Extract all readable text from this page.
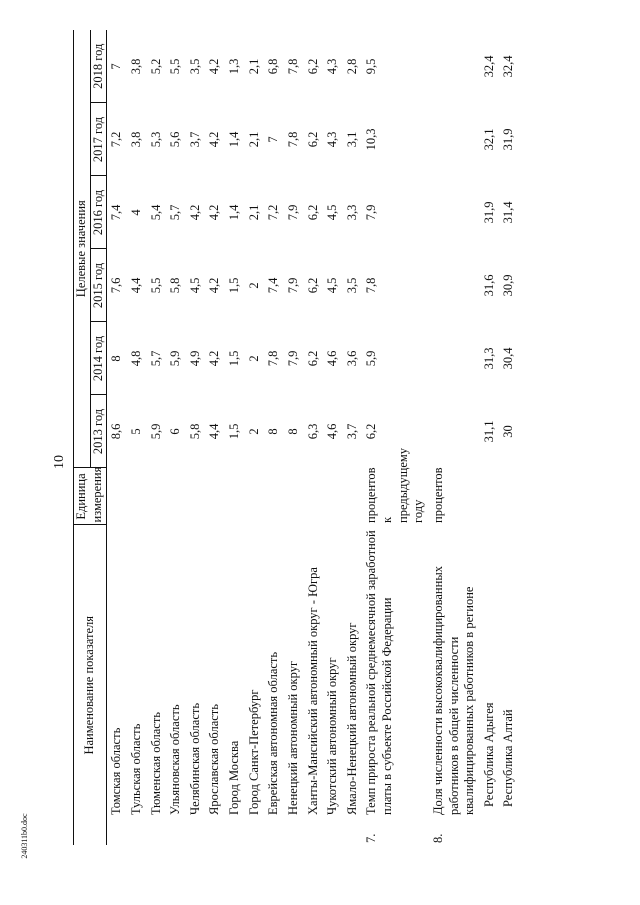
10
240311b0.doc
Наименование показателя		Единица измерения	Целевые значения					
			2013 год	2014 год	2015 год	2016 год	2017 год	2018 год
	Томская область		8,6	8	7,6	7,4	7,2	7
	Тульская область		5	4,8	4,4	4	3,8	3,8
	Тюменская область		5,9	5,7	5,5	5,4	5,3	5,2
	Ульяновская область		6	5,9	5,8	5,7	5,6	5,5
	Челябинская область		5,8	4,9	4,5	4,2	3,7	3,5
	Ярославская область		4,4	4,2	4,2	4,2	4,2	4,2
	Город Москва		1,5	1,5	1,5	1,4	1,4	1,3
	Город Санкт-Петербург		2	2	2	2,1	2,1	2,1
	Еврейская автономная область		8	7,8	7,4	7,2	7	6,8
	Ненецкий автономный округ		8	7,9	7,9	7,9	7,8	7,8
	Ханты-Мансийский автономный округ - Югра		6,3	6,2	6,2	6,2	6,2	6,2
	Чукотский автономный округ		4,6	4,6	4,5	4,5	4,3	4,3
	Ямало-Ненецкий автономный округ		3,7	3,6	3,5	3,3	3,1	2,8
7.	Темп прироста реальной среднемесячной заработной платы в субъекте Российской Федерации	процентов к предыдущему году	6,2	5,9	7,8	7,9	10,3	9,5
8.	Доля численности высококвалифицированных работников в общей численности квалифицированных работников в регионе	процентов						
	Республика Адыгея		31,1	31,3	31,6	31,9	32,1	32,4
	Республика Алтай		30	30,4	30,9	31,4	31,9	32,4
